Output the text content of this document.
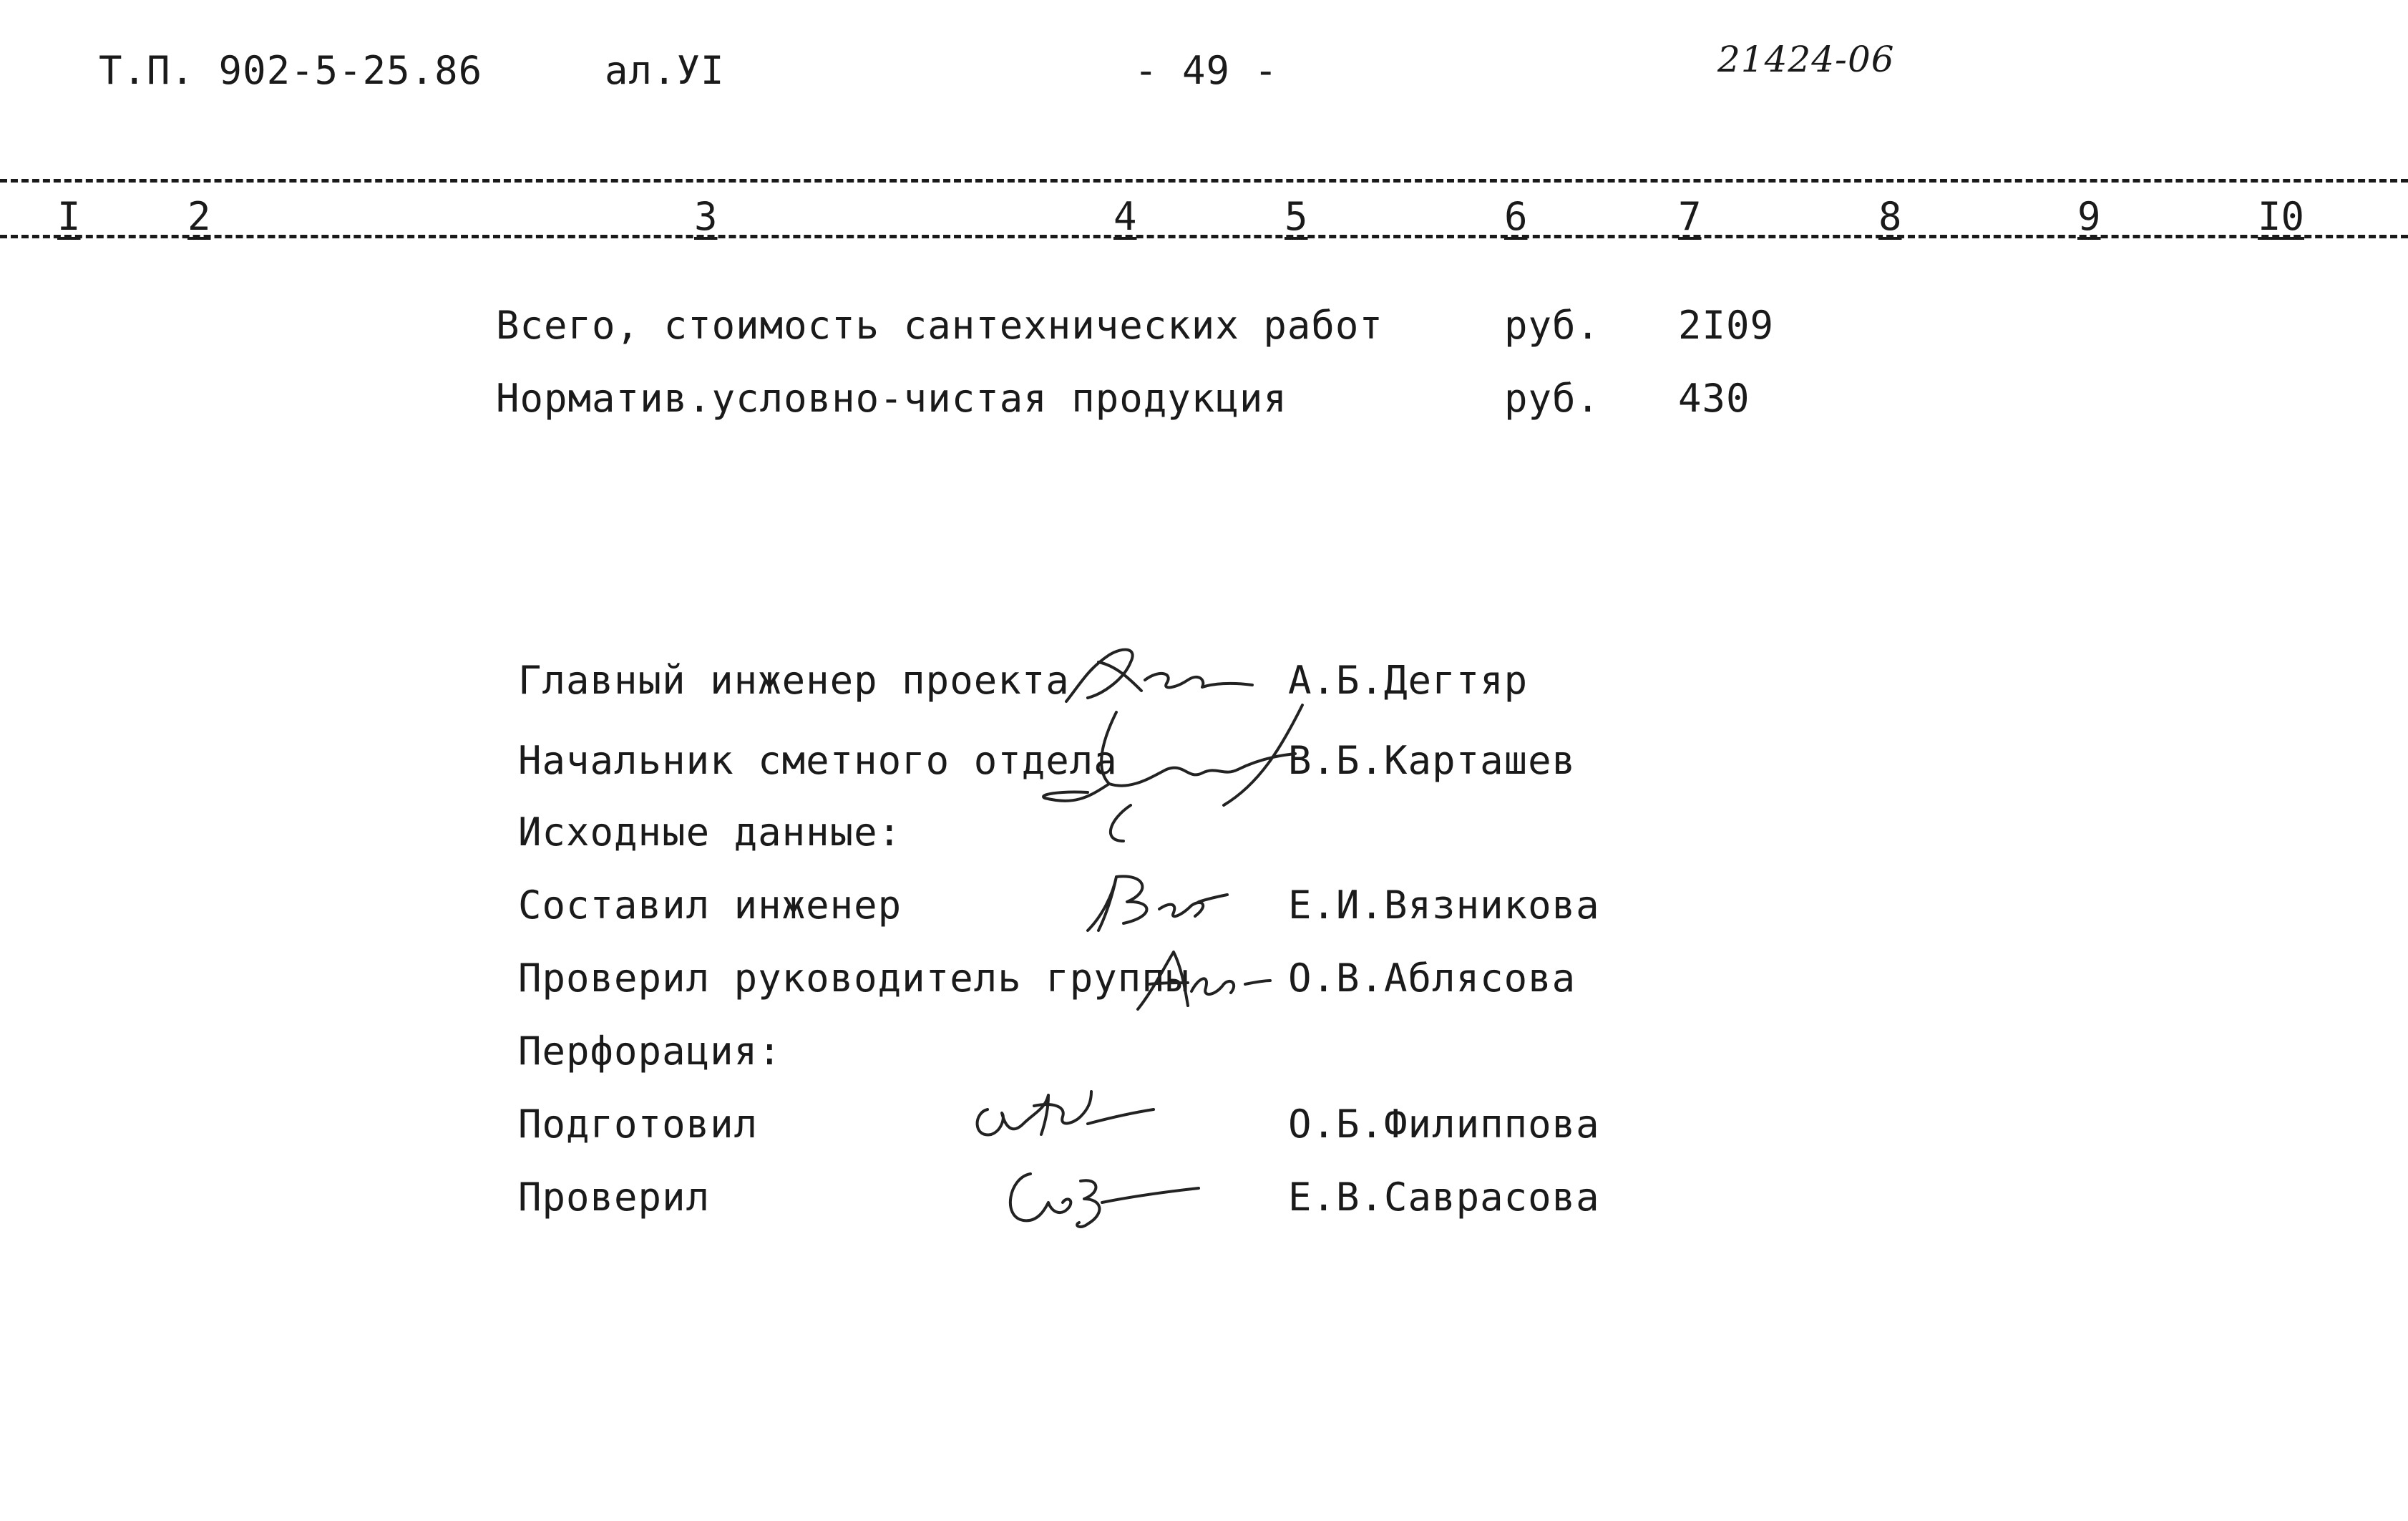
Т.П. 902-5-25.86	ал.УI	- 49 -	21424-06
I	2	3	4	5	6	7	8	9	I0
Всего, стоимость сантехнических работ	руб. 2I09
Норматив.условно-чистая продукция	руб. 430
Главный инженер проекта	А.Б.Дегтяр
Начальник сметного отдела	В.Б.Карташев
Исходные данные:
Составил инженер	Е.И.Вязникова
Проверил руководитель группы	О.В.Аблясова
Перфорация:
Подготовил	О.Б.Филиппова
Проверил	Е.В.Саврасова
